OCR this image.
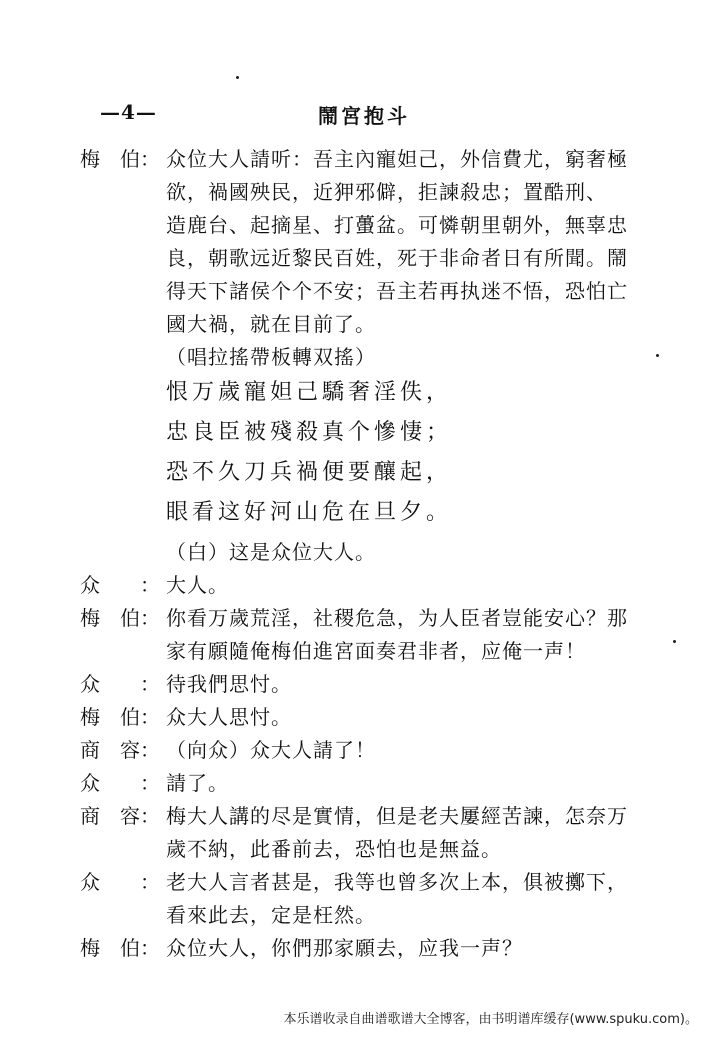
—4—	鬧宮抱斗
梅　伯： 众位大人請听：吾主內寵妲己，外信費尤，窮奢極
欲，禍國殃民，近狎邪僻，拒諫殺忠；置酷刑、
造鹿台、起摘星、打蠆盆。可憐朝里朝外，無辜忠
良，朝歌远近黎民百姓，死于非命者日有所聞。鬧
得天下諸侯个个不安；吾主若再执迷不悟，恐怕亡
國大禍，就在目前了。
（唱拉搖帶板轉双搖）
恨万歲寵妲己驕奢淫佚，
忠良臣被殘殺真个慘悽；
恐不久刀兵禍便要釀起，
眼看这好河山危在旦夕。
（白）这是众位大人。
众　　： 大人。
梅　伯： 你看万歲荒淫，社稷危急，为人臣者豈能安心？那
家有願隨俺梅伯進宮面奏君非者，应俺一声！
众　　： 待我們思忖。
梅　伯： 众大人思忖。
商　容： （向众）众大人請了！
众　　： 請了。
商　容： 梅大人講的尽是實情，但是老夫屢經苦諫，怎奈万
歲不納，此番前去，恐怕也是無益。
众　　： 老大人言者甚是，我等也曾多次上本，俱被擲下，
看來此去，定是枉然。
梅　伯： 众位大人，你們那家願去，应我一声？
本乐谱收录自曲谱歌谱大全博客，由书明谱库缓存(www.spuku.com)。
